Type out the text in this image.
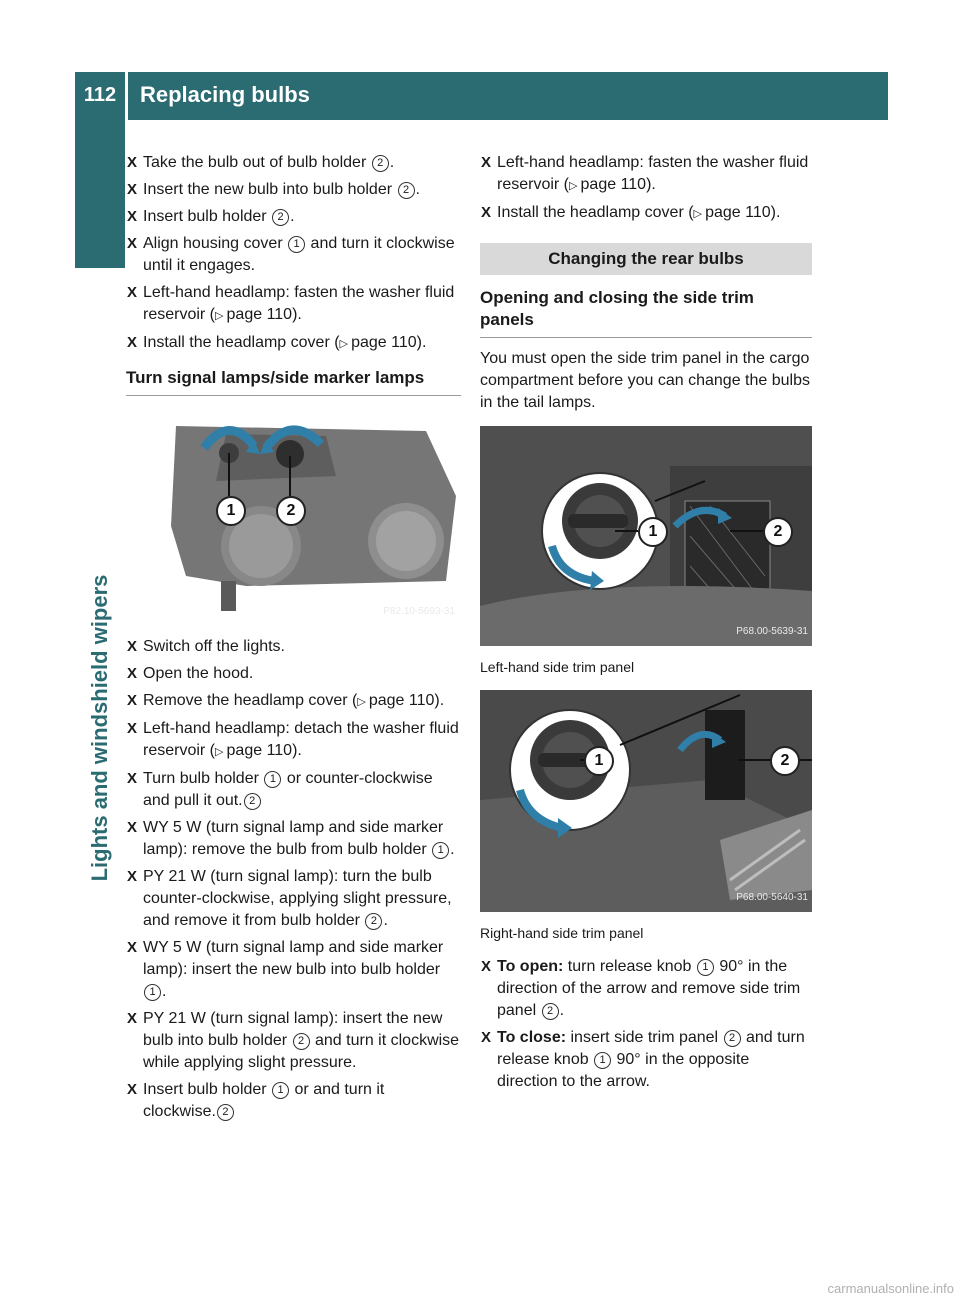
112	Replacing bulbs
Lights and windshield wipers
X Take the bulb out of bulb holder 2 .
X Insert the new bulb into bulb holder 2 .
X Insert bulb holder 2 .
X Align housing cover 1 and turn it clockwise until it engages.
X Left-hand headlamp: fasten the washer fluid reservoir (▷ page 110).
X Install the headlamp cover (▷ page 110).
Turn signal lamps/side marker lamps
1	2
P82.10-5693-31
X Switch off the lights.
X Open the hood.
X Remove the headlamp cover (▷ page 110).
X Left-hand headlamp: detach the washer fluid reservoir (▷ page 110).
X Turn bulb holder 1 or counter-clockwise and pull it out. 2
X WY 5 W (turn signal lamp and side marker lamp): remove the bulb from bulb holder 1 .
X PY 21 W (turn signal lamp): turn the bulb counter-clockwise, applying slight pressure, and remove it from bulb holder 2 .
X WY 5 W (turn signal lamp and side marker lamp): insert the new bulb into bulb holder 1 .
X PY 21 W (turn signal lamp): insert the new bulb into bulb holder 2 and turn it clockwise while applying slight pressure.
X Insert bulb holder 1 or and turn it clockwise. 2
X Left-hand headlamp: fasten the washer fluid reservoir (▷ page 110).
X Install the headlamp cover (▷ page 110).
Changing the rear bulbs
Opening and closing the side trim panels

You must open the side trim panel in the cargo compartment before you can change the bulbs in the tail lamps.

1	2
P68.00-5639-31
Left-hand side trim panel
1	2
P68.00-5640-31
Right-hand side trim panel
X To open: turn release knob 1 90° in the direction of the arrow and remove side trim panel 2 .
X To close: insert side trim panel 2 and turn release knob 1 90° in the opposite direction to the arrow.
carmanualsonline.info
